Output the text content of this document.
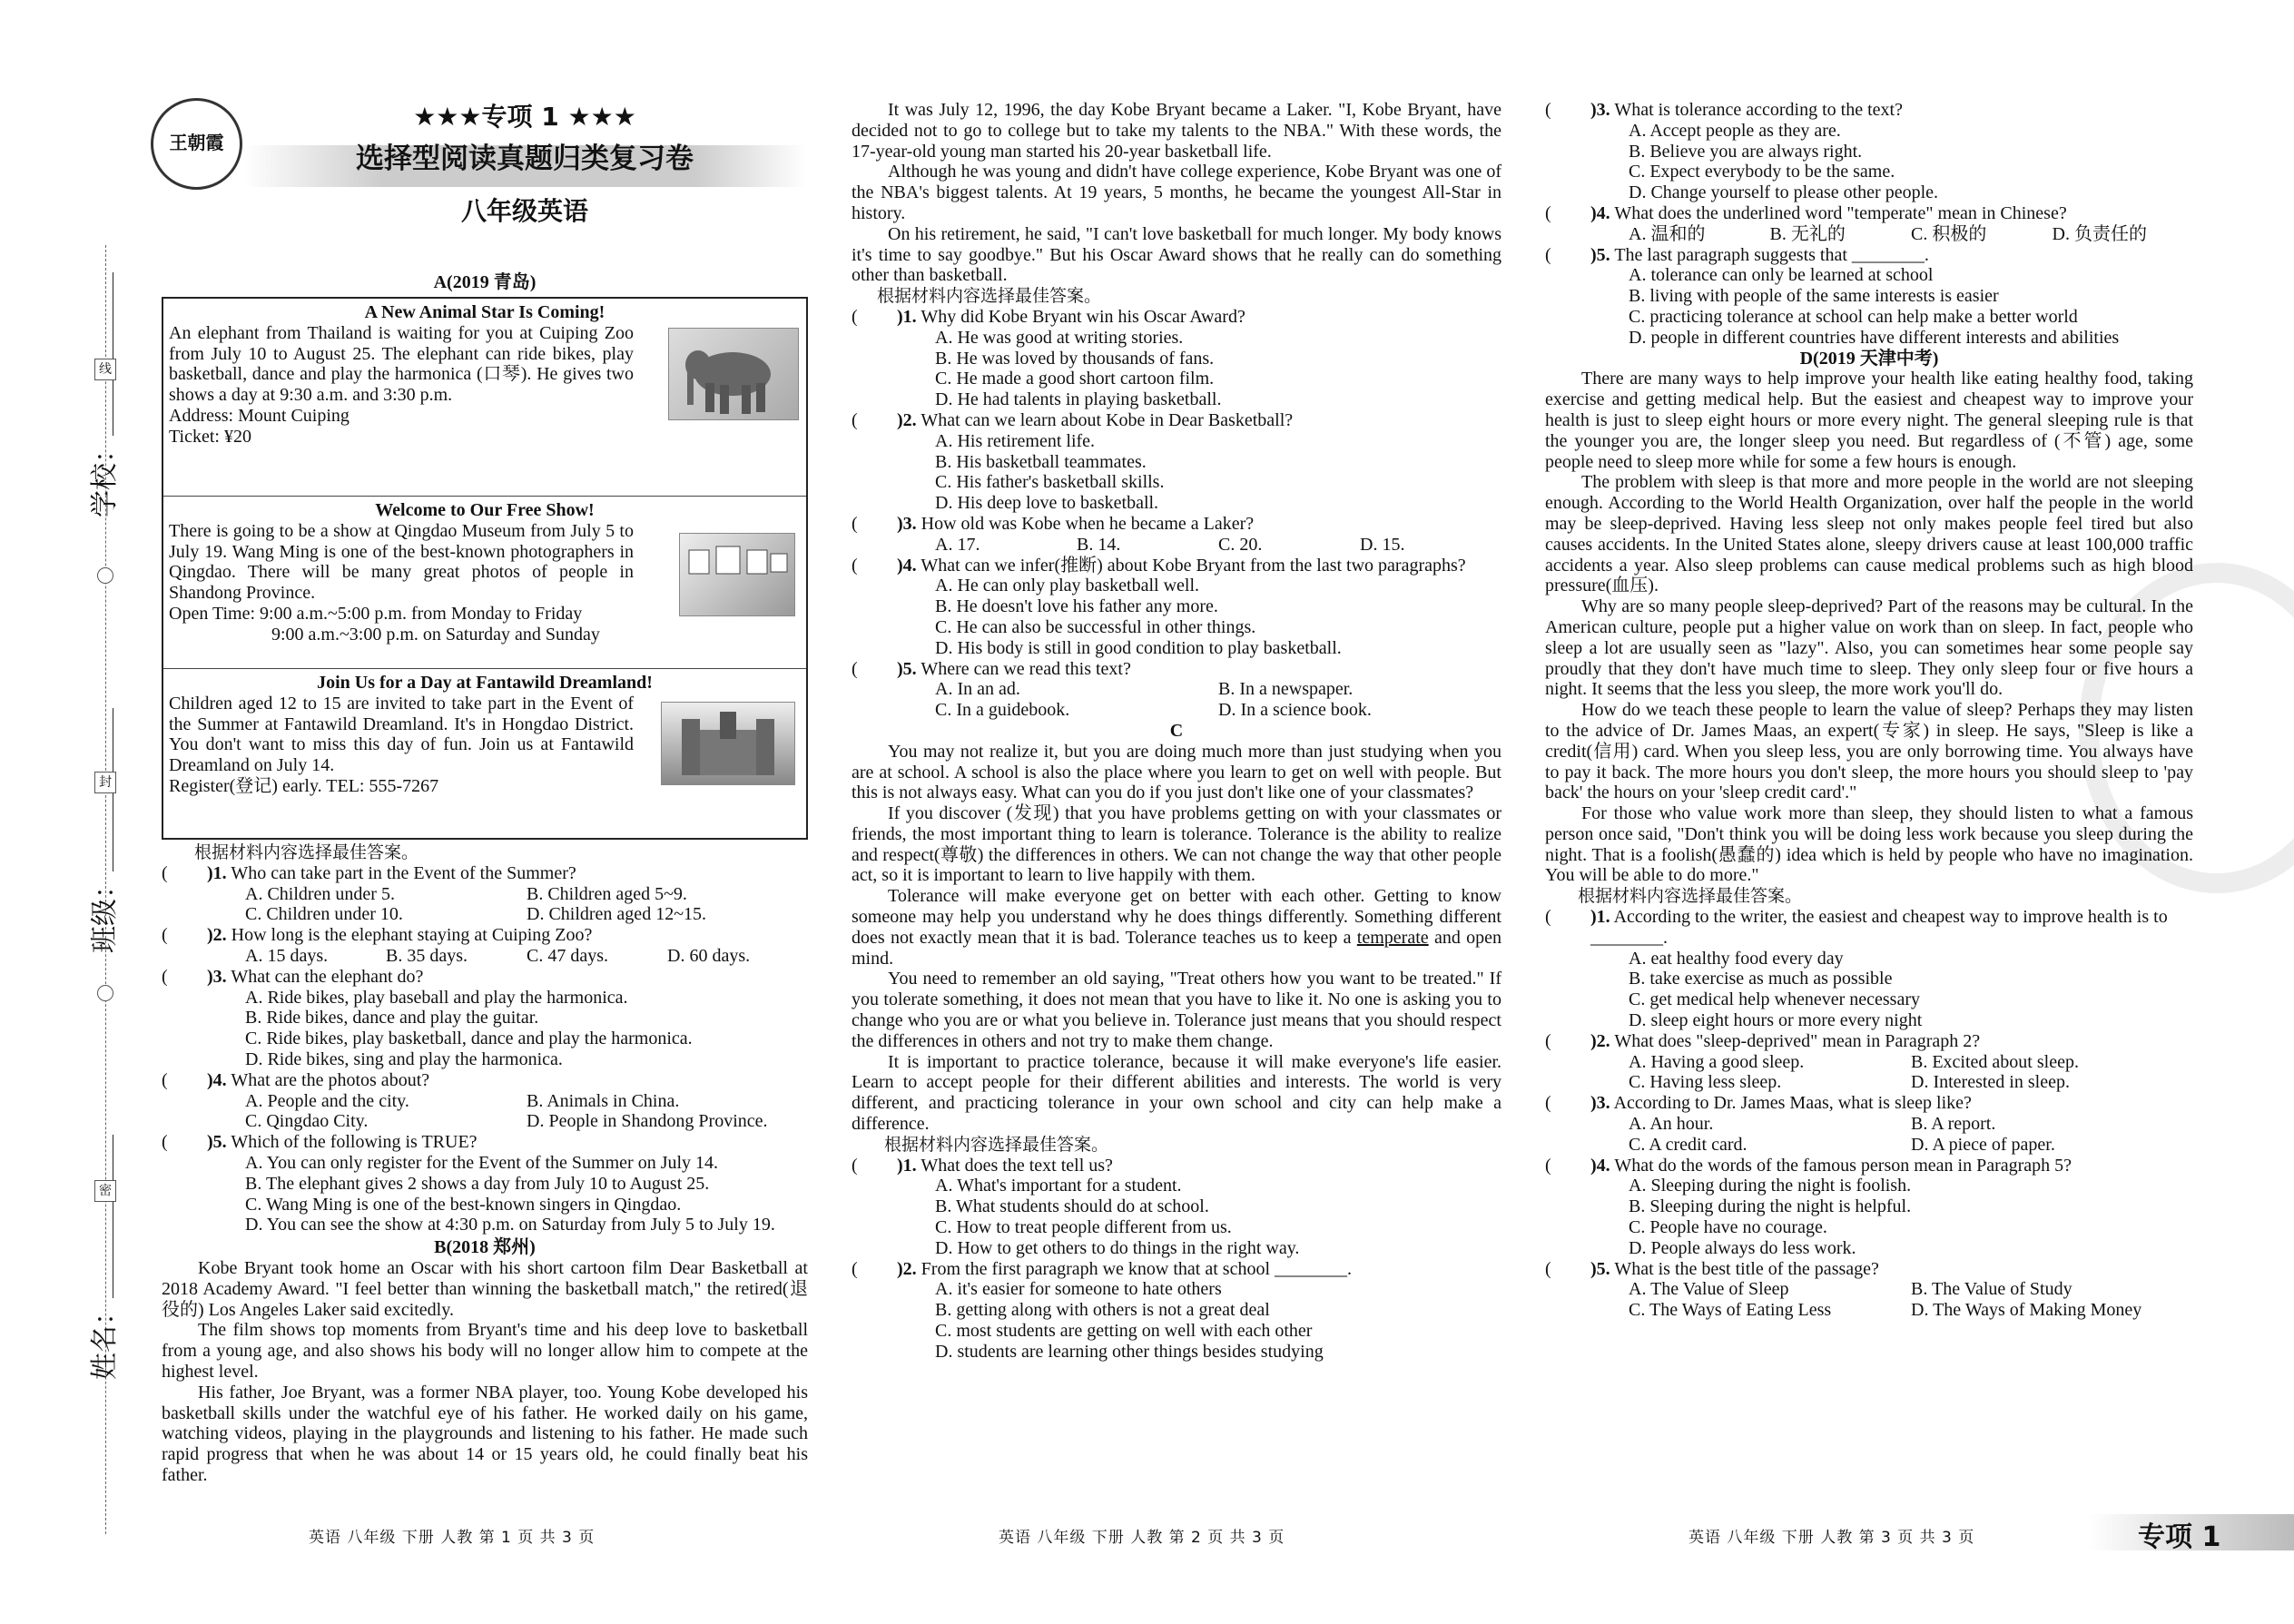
学校：
班级：
姓名：
线
封
密
王朝霞
★★★专项 1 ★★★
选择型阅读真题归类复习卷
八年级英语
A(2019 青岛)
A New Animal Star Is Coming!

An elephant from Thailand is waiting for you at Cuiping Zoo from July 10 to August 25. The elephant can ride bikes, play basketball, dance and play the harmonica (口琴). He gives two shows a day at 9:30 a.m. and 3:30 p.m.

Address: Mount Cuiping

Ticket: ¥20

Welcome to Our Free Show!

There is going to be a show at Qingdao Museum from July 5 to July 19. Wang Ming is one of the best-known photographers in Qingdao. There will be many great photos of people in Shandong Province.

Open Time: 9:00 a.m.~5:00 p.m. from Monday to Friday

9:00 a.m.~3:00 p.m. on Saturday and Sunday

Join Us for a Day at Fantawild Dreamland!

Children aged 12 to 15 are invited to take part in the Event of the Summer at Fantawild Dreamland. It's in Hongdao District. You don't want to miss this day of fun. Join us at Fantawild Dreamland on July 14.

Register(登记) early. TEL: 555-7267

根据材料内容选择最佳答案。

( )1. Who can take part in the Event of the Summer?

A. Children under 5.	B. Children aged 5~9.
C. Children under 10.	D. Children aged 12~15.

( )2. How long is the elephant staying at Cuiping Zoo?

A. 15 days.	B. 35 days.	C. 47 days.	D. 60 days.

( )3. What can the elephant do?

A. Ride bikes, play baseball and play the harmonica.

B. Ride bikes, dance and play the guitar.

C. Ride bikes, play basketball, dance and play the harmonica.

D. Ride bikes, sing and play the harmonica.

( )4. What are the photos about?

A. People and the city.	B. Animals in China.
C. Qingdao City.	D. People in Shandong Province.

( )5. Which of the following is TRUE?

A. You can only register for the Event of the Summer on July 14.

B. The elephant gives 2 shows a day from July 10 to August 25.

C. Wang Ming is one of the best-known singers in Qingdao.

D. You can see the show at 4:30 p.m. on Saturday from July 5 to July 19.

B(2018 郑州)

Kobe Bryant took home an Oscar with his short cartoon film Dear Basketball at 2018 Academy Award. "I feel better than winning the basketball match," the retired(退役的) Los Angeles Laker said excitedly.

The film shows top moments from Bryant's time and his deep love to basketball from a young age, and also shows his body will no longer allow him to compete at the highest level.

His father, Joe Bryant, was a former NBA player, too. Young Kobe developed his basketball skills under the watchful eye of his father. He worked daily on his game, watching videos, playing in the playgrounds and listening to his father. He made such rapid progress that when he was about 14 or 15 years old, he could finally beat his father.

It was July 12, 1996, the day Kobe Bryant became a Laker. "I, Kobe Bryant, have decided not to go to college but to take my talents to the NBA." With these words, the 17-year-old young man started his 20-year basketball life.

Although he was young and didn't have college experience, Kobe Bryant was one of the NBA's biggest talents. At 19 years, 5 months, he became the youngest All-Star in history.

On his retirement, he said, "I can't love basketball for much longer. My body knows it's time to say goodbye." But his Oscar Award shows that he really can do something other than basketball.

根据材料内容选择最佳答案。

( )1. Why did Kobe Bryant win his Oscar Award?

A. He was good at writing stories.

B. He was loved by thousands of fans.

C. He made a good short cartoon film.

D. He had talents in playing basketball.

( )2. What can we learn about Kobe in Dear Basketball?

A. His retirement life.

B. His basketball teammates.

C. His father's basketball skills.

D. His deep love to basketball.

( )3. How old was Kobe when he became a Laker?

A. 17.	B. 14.	C. 20.	D. 15.

( )4. What can we infer(推断) about Kobe Bryant from the last two paragraphs?

A. He can only play basketball well.

B. He doesn't love his father any more.

C. He can also be successful in other things.

D. His body is still in good condition to play basketball.

( )5. Where can we read this text?

A. In an ad.	B. In a newspaper.
C. In a guidebook.	D. In a science book.

C

You may not realize it, but you are doing much more than just studying when you are at school. A school is also the place where you learn to get on well with people. But this is not always easy. What can you do if you just don't like one of your classmates?

If you discover (发现) that you have problems getting on with your classmates or friends, the most important thing to learn is tolerance. Tolerance is the ability to realize and respect(尊敬) the differences in others. We can not change the way that other people act, so it is important to learn to live happily with them.

Tolerance will make everyone get on better with each other. Getting to know someone may help you understand why he does things differently. Something different does not exactly mean that it is bad. Tolerance teaches us to keep a temperate and open mind.

You need to remember an old saying, "Treat others how you want to be treated." If you tolerate something, it does not mean that you have to like it. No one is asking you to change who you are or what you believe in. Tolerance just means that you should respect the differences in others and not try to make them change.

It is important to practice tolerance, because it will make everyone's life easier. Learn to accept people for their different abilities and interests. The world is very different, and practicing tolerance in your own school and city can help make a difference.

根据材料内容选择最佳答案。

( )1. What does the text tell us?

A. What's important for a student.

B. What students should do at school.

C. How to treat people different from us.

D. How to get others to do things in the right way.

( )2. From the first paragraph we know that at school ________.

A. it's easier for someone to hate others

B. getting along with others is not a great deal

C. most students are getting on well with each other

D. students are learning other things besides studying

( )3. What is tolerance according to the text?

A. Accept people as they are.

B. Believe you are always right.

C. Expect everybody to be the same.

D. Change yourself to please other people.

( )4. What does the underlined word "temperate" mean in Chinese?

A. 温和的	B. 无礼的	C. 积极的	D. 负责任的

( )5. The last paragraph suggests that ________.

A. tolerance can only be learned at school

B. living with people of the same interests is easier

C. practicing tolerance at school can help make a better world

D. people in different countries have different interests and abilities

D(2019 天津中考)

There are many ways to help improve your health like eating healthy food, taking exercise and getting medical help. But the easiest and cheapest way to improve your health is just to sleep eight hours or more every night. The general sleeping rule is that the younger you are, the longer sleep you need. But regardless of (不管) age, some people need to sleep more while for some a few hours is enough.

The problem with sleep is that more and more people in the world are not sleeping enough. According to the World Health Organization, over half the people in the world may be sleep-deprived. Having less sleep not only makes people feel tired but also causes accidents. In the United States alone, sleepy drivers cause at least 100,000 traffic accidents a year. Also sleep problems can cause medical problems such as high blood pressure(血压).

Why are so many people sleep-deprived? Part of the reasons may be cultural. In the American culture, people put a higher value on work than on sleep. In fact, people who sleep a lot are usually seen as "lazy". Also, you can sometimes hear some people say proudly that they don't have much time to sleep. They only sleep four or five hours a night. It seems that the less you sleep, the more work you'll do.

How do we teach these people to learn the value of sleep? Perhaps they may listen to the advice of Dr. James Maas, an expert(专家) in sleep. He says, "Sleep is like a credit(信用) card. When you sleep less, you are only borrowing time. You always have to pay it back. The more hours you don't sleep, the more hours you should sleep to 'pay back' the hours on your 'sleep credit card'."

For those who value work more than sleep, they should listen to what a famous person once said, "Don't think you will be doing less work because you sleep during the night. That is a foolish(愚蠢的) idea which is held by people who have no imagination. You will be able to do more."

根据材料内容选择最佳答案。

( )1. According to the writer, the easiest and cheapest way to improve health is to ________.

A. eat healthy food every day

B. take exercise as much as possible

C. get medical help whenever necessary

D. sleep eight hours or more every night

( )2. What does "sleep-deprived" mean in Paragraph 2?

A. Having a good sleep.	B. Excited about sleep.
C. Having less sleep.	D. Interested in sleep.

( )3. According to Dr. James Maas, what is sleep like?

A. An hour.	B. A report.
C. A credit card.	D. A piece of paper.

( )4. What do the words of the famous person mean in Paragraph 5?

A. Sleeping during the night is foolish.

B. Sleeping during the night is helpful.

C. People have no courage.

D. People always do less work.

( )5. What is the best title of the passage?

A. The Value of Sleep	B. The Value of Study
C. The Ways of Eating Less	D. The Ways of Making Money
英语 八年级 下册 人教 第 1 页 共 3 页	英语 八年级 下册 人教 第 2 页 共 3 页	英语 八年级 下册 人教 第 3 页 共 3 页	专项 1
